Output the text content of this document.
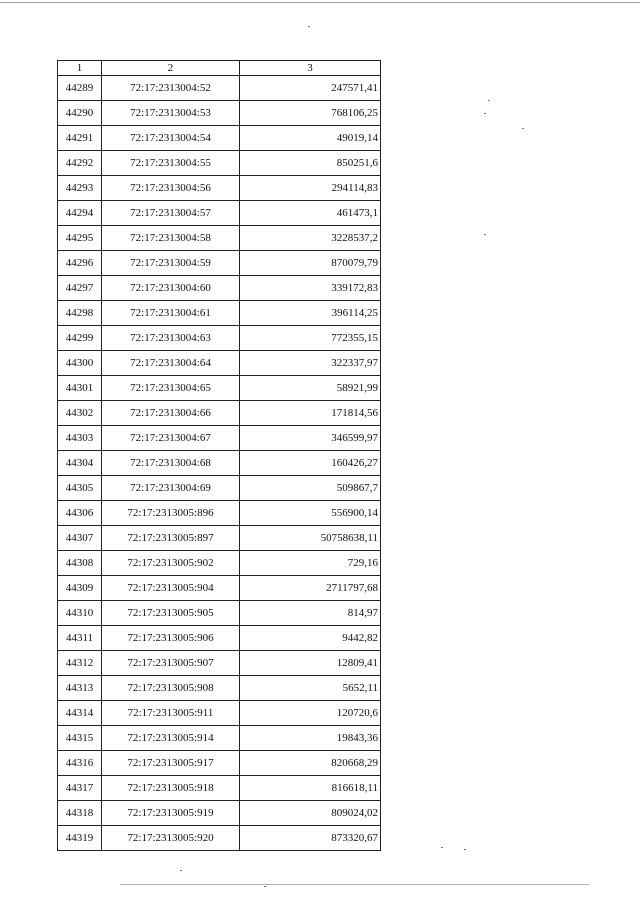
1	2	3
44289	72:17:2313004:52	247571,41
44290	72:17:2313004:53	768106,25
44291	72:17:2313004:54	49019,14
44292	72:17:2313004:55	850251,6
44293	72:17:2313004:56	294114,83
44294	72:17:2313004:57	461473,1
44295	72:17:2313004:58	3228537,2
44296	72:17:2313004:59	870079,79
44297	72:17:2313004:60	339172,83
44298	72:17:2313004:61	396114,25
44299	72:17:2313004:63	772355,15
44300	72:17:2313004:64	322337,97
44301	72:17:2313004:65	58921,99
44302	72:17:2313004:66	171814,56
44303	72:17:2313004:67	346599,97
44304	72:17:2313004:68	160426,27
44305	72:17:2313004:69	509867,7
44306	72:17:2313005:896	556900,14
44307	72:17:2313005:897	50758638,11
44308	72:17:2313005:902	729,16
44309	72:17:2313005:904	2711797,68
44310	72:17:2313005:905	814,97
44311	72:17:2313005:906	9442,82
44312	72:17:2313005:907	12809,41
44313	72:17:2313005:908	5652,11
44314	72:17:2313005:911	120720,6
44315	72:17:2313005:914	19843,36
44316	72:17:2313005:917	820668,29
44317	72:17:2313005:918	816618,11
44318	72:17:2313005:919	809024,02
44319	72:17:2313005:920	873320,67
